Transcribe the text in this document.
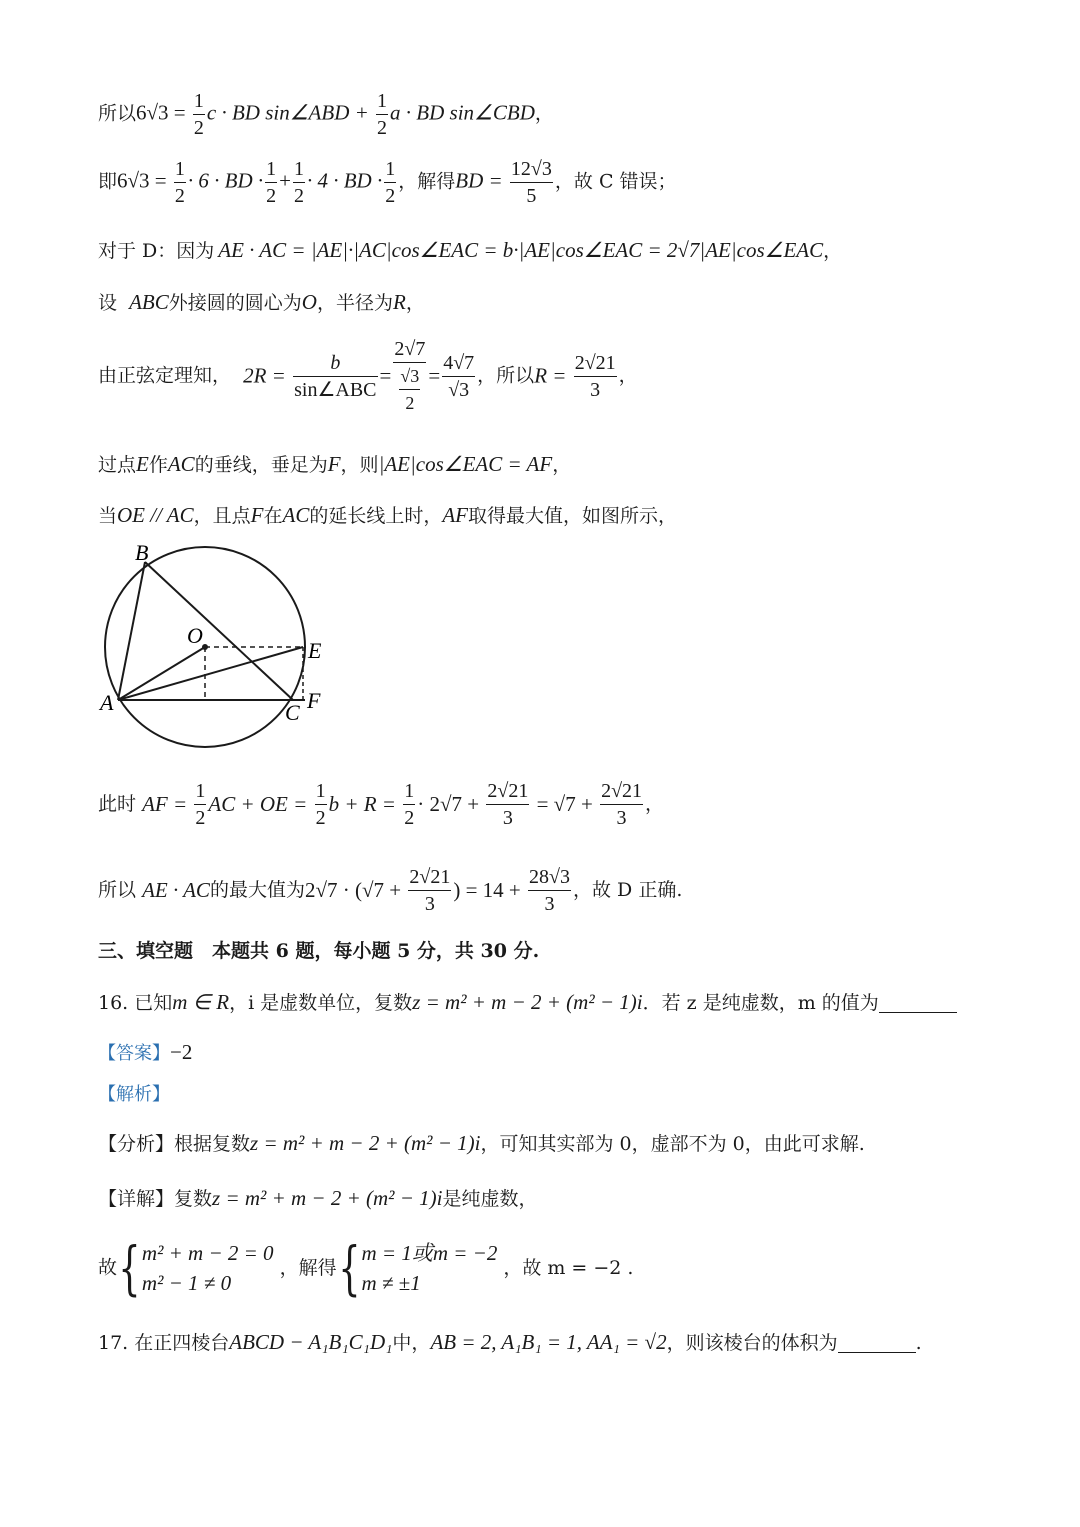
所以$6√3 = \frac{1}{2}$ c · BD sin∠ABD + $\frac{1}{2}$ a · BD sin∠CBD，
即$6√3 = \frac{1}{2} \cdot 6$ · BD · $\frac{1}{2} + \frac{1}{2} \cdot 4$ · BD · $\frac{1}{2}$ ，解得BD = $\frac{12√3}{5}$ ，故 C 错误；
对于 D：因为 AE · AC = |AE|·|AC|cos∠EAC = b·|AE|cos∠EAC = 2√7|AE|cos∠EAC，
设 ABC外接圆的圆心为O，半径为R，
由正弦定理知， $2R = \frac{b}{\text{sin∠ABC}} = \frac{2√7}{\frac{√3}{2}} = \frac{4√7}{√3}$ ，所以$R = \frac{2√21}{3}$ ，
过点E作AC的垂线，垂足为F，则|AE|cos∠EAC = AF，
当OE // AC，且点F在AC的延长线上时，AF取得最大值，如图所示，
B
O
E
A	C F
此时 AF = $\frac{1}{2}$ AC + OE = $\frac{1}{2}$ $b + R = \frac{1}{2} \cdot 2√7 + \frac{2√21}{3} = √7 + \frac{2√21}{3}$ ，
所以 AE · AC的最大值为$2√7 \cdot (√7 + \frac{2√21}{3}$ ) = $14 + \frac{28√3}{3}$ ，故 D 正确.
三、填空题　本题共 6 题，每小题 5 分，共 30 分.
16. 已知m ∈ R，i 是虚数单位，复数z = m² + m − 2 + (m² − 1)i．若 z 是纯虚数，m 的值为
【答案】−2
【解析】
【分析】根据复数z = m² + m − 2 + (m² − 1)i，可知其实部为 0，虚部不为 0，由此可求解.
【详解】复数z = m² + m − 2 + (m² − 1)i是纯虚数，
故{ m² + m − 2 = 0
m² − 1 ≠ 0
，解得{ m = 1或m = −2
m ≠ ±1
，故 m = −2 .
17. 在正四棱台ABCD − A₁B₁C₁D₁中，AB = 2, A₁B₁ = 1, AA₁ = √2，则该棱台的体积为	.
